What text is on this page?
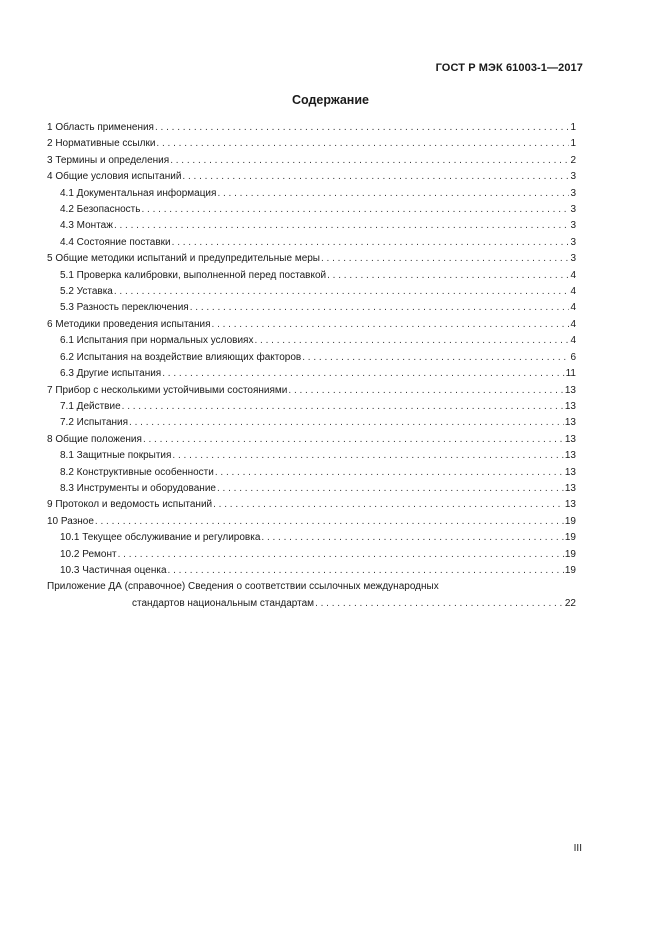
ГОСТ Р МЭК 61003-1—2017
Содержание
1 Область применения . . .	1
2 Нормативные ссылки . . .	1
3 Термины и определения . . .	2
4 Общие условия испытаний . . .	3
4.1 Документальная информация . . .	3
4.2 Безопасность . . .	3
4.3 Монтаж . . .	3
4.4 Состояние поставки . . .	3
5 Общие методики испытаний и предупредительные меры . . .	3
5.1 Проверка калибровки, выполненной перед поставкой . . .	4
5.2 Уставка . . .	4
5.3 Разность переключения . . .	4
6 Методики проведения испытания . . .	4
6.1 Испытания при нормальных условиях . . .	4
6.2 Испытания на воздействие влияющих факторов . . .	6
6.3 Другие испытания . . .	11
7 Прибор с несколькими устойчивыми состояниями . . .	13
7.1 Действие . . .	13
7.2 Испытания . . .	13
8 Общие положения . . .	13
8.1 Защитные покрытия . . .	13
8.2 Конструктивные особенности . . .	13
8.3 Инструменты и оборудование . . .	13
9 Протокол и ведомость испытаний . . .	13
10 Разное . . .	19
10.1 Текущее обслуживание и регулировка . . .	19
10.2 Ремонт . . .	19
10.3 Частичная оценка . . .	19
Приложение ДА (справочное) Сведения о соответствии ссылочных международных
стандартов национальным стандартам . . .	22
III
